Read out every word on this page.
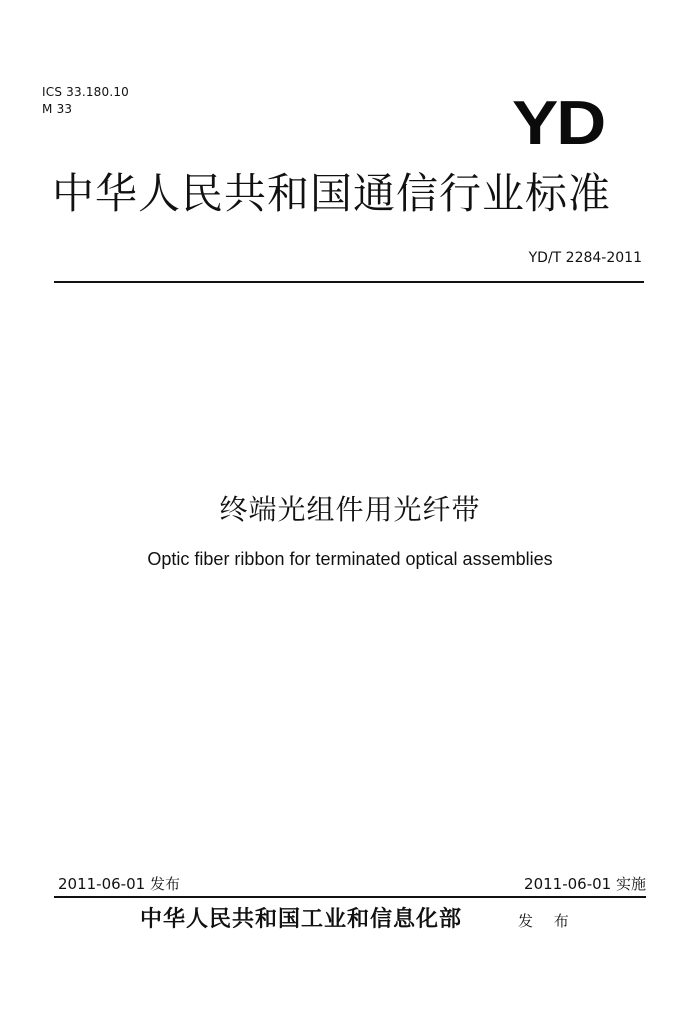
ICS 33.180.10
M 33	YD
中华人民共和国通信行业标准
YD/T 2284-2011
终端光组件用光纤带
Optic fiber ribbon for terminated optical assemblies
2011-06-01 发布	2011-06-01 实施
中华人民共和国工业和信息化部	发 布
